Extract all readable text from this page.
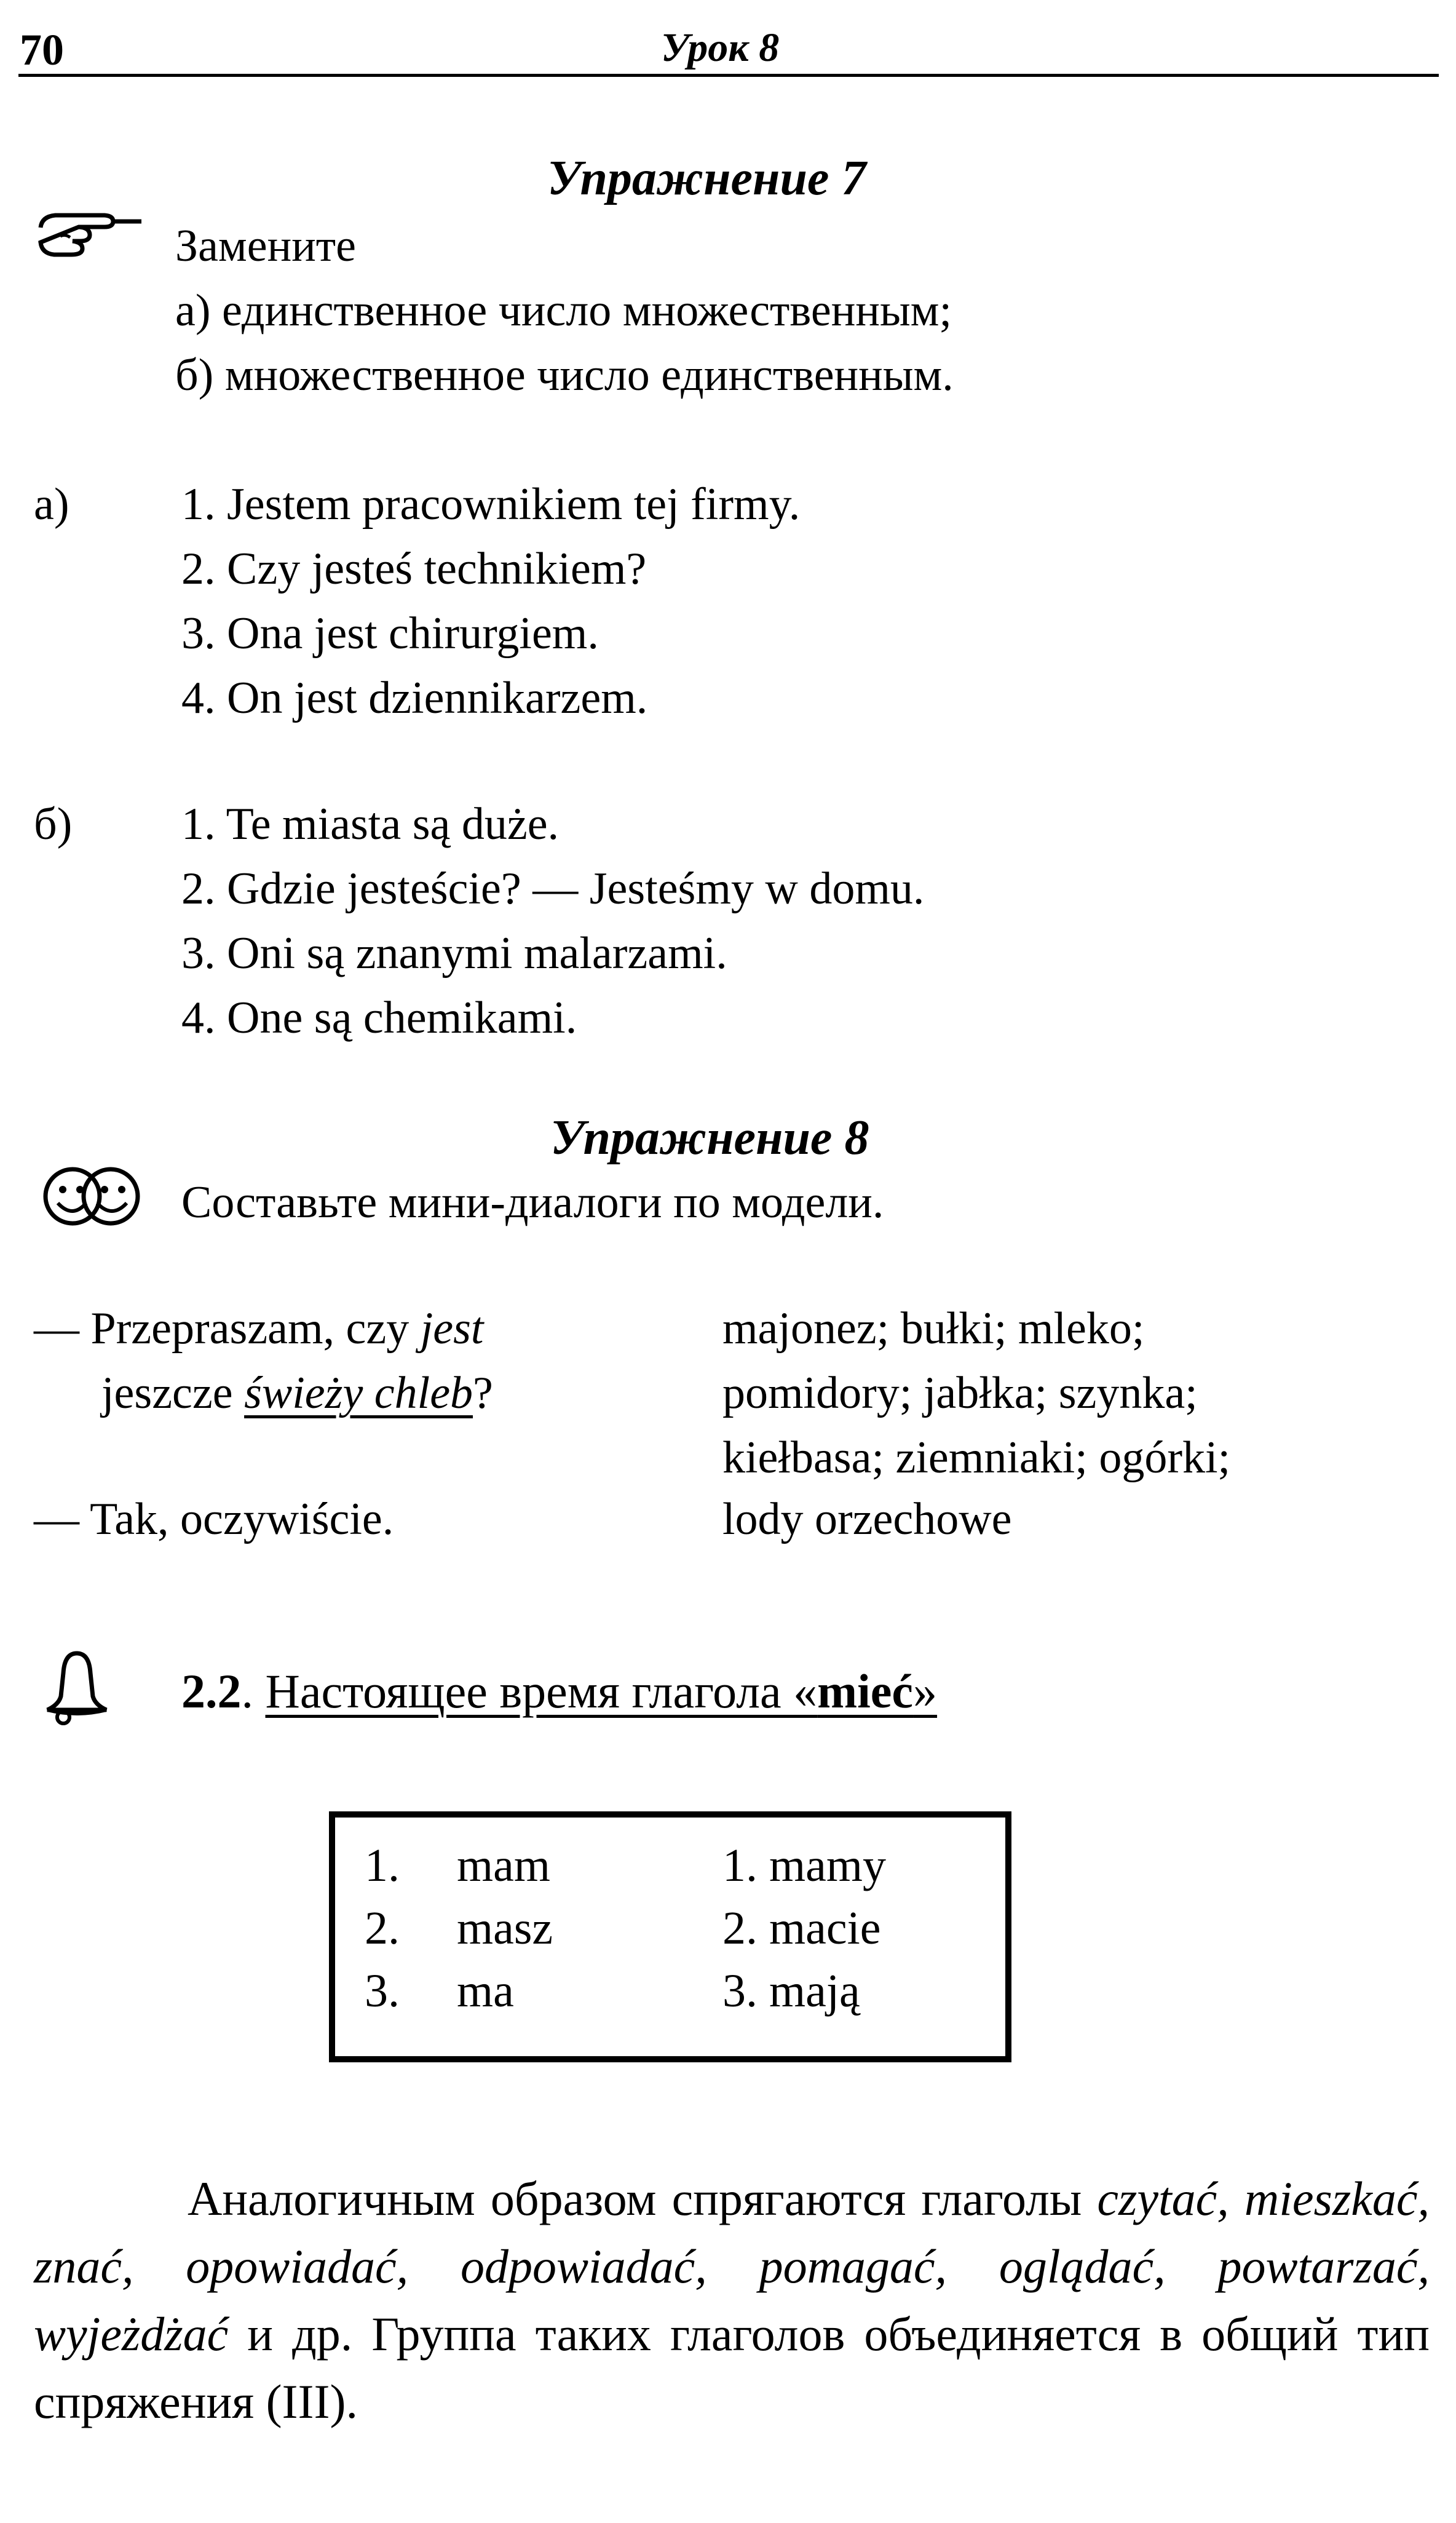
70	Урок 8
Упражнение 7
Замените
а) единственное число множественным;
б) множественное число единственным.
а) 1. Jestem pracownikiem tej firmy.
2. Czy jesteś technikiem?
3. Ona jest chirurgiem.
4. On jest dziennikarzem.
б) 1. Te miasta są duże.
2. Gdzie jesteście? — Jesteśmy w domu.
3. Oni są znanymi malarzami.
4. One są chemikami.
Упражнение 8
Составьте мини-диалоги по модели.
— Przepraszam, czy jest
jeszcze świeży chleb?
— Tak, oczywiście.
majonez; bułki; mleko;
pomidory; jabłka; szynka;
kiełbasa; ziemniaki; ogórki;
lody orzechowe
2.2. Настоящее время глагола «mieć»
1. mam
2. masz
3. ma
1. mamy
2. macie
3. mają
Аналогичным образом спрягаются глаголы czytać, mieszkać, znać, opowiadać, odpowiadać, pomagać, oglądać, powtarzać, wyjeżdżać и др. Группа таких глаголов объединяется в общий тип спряжения (III).
